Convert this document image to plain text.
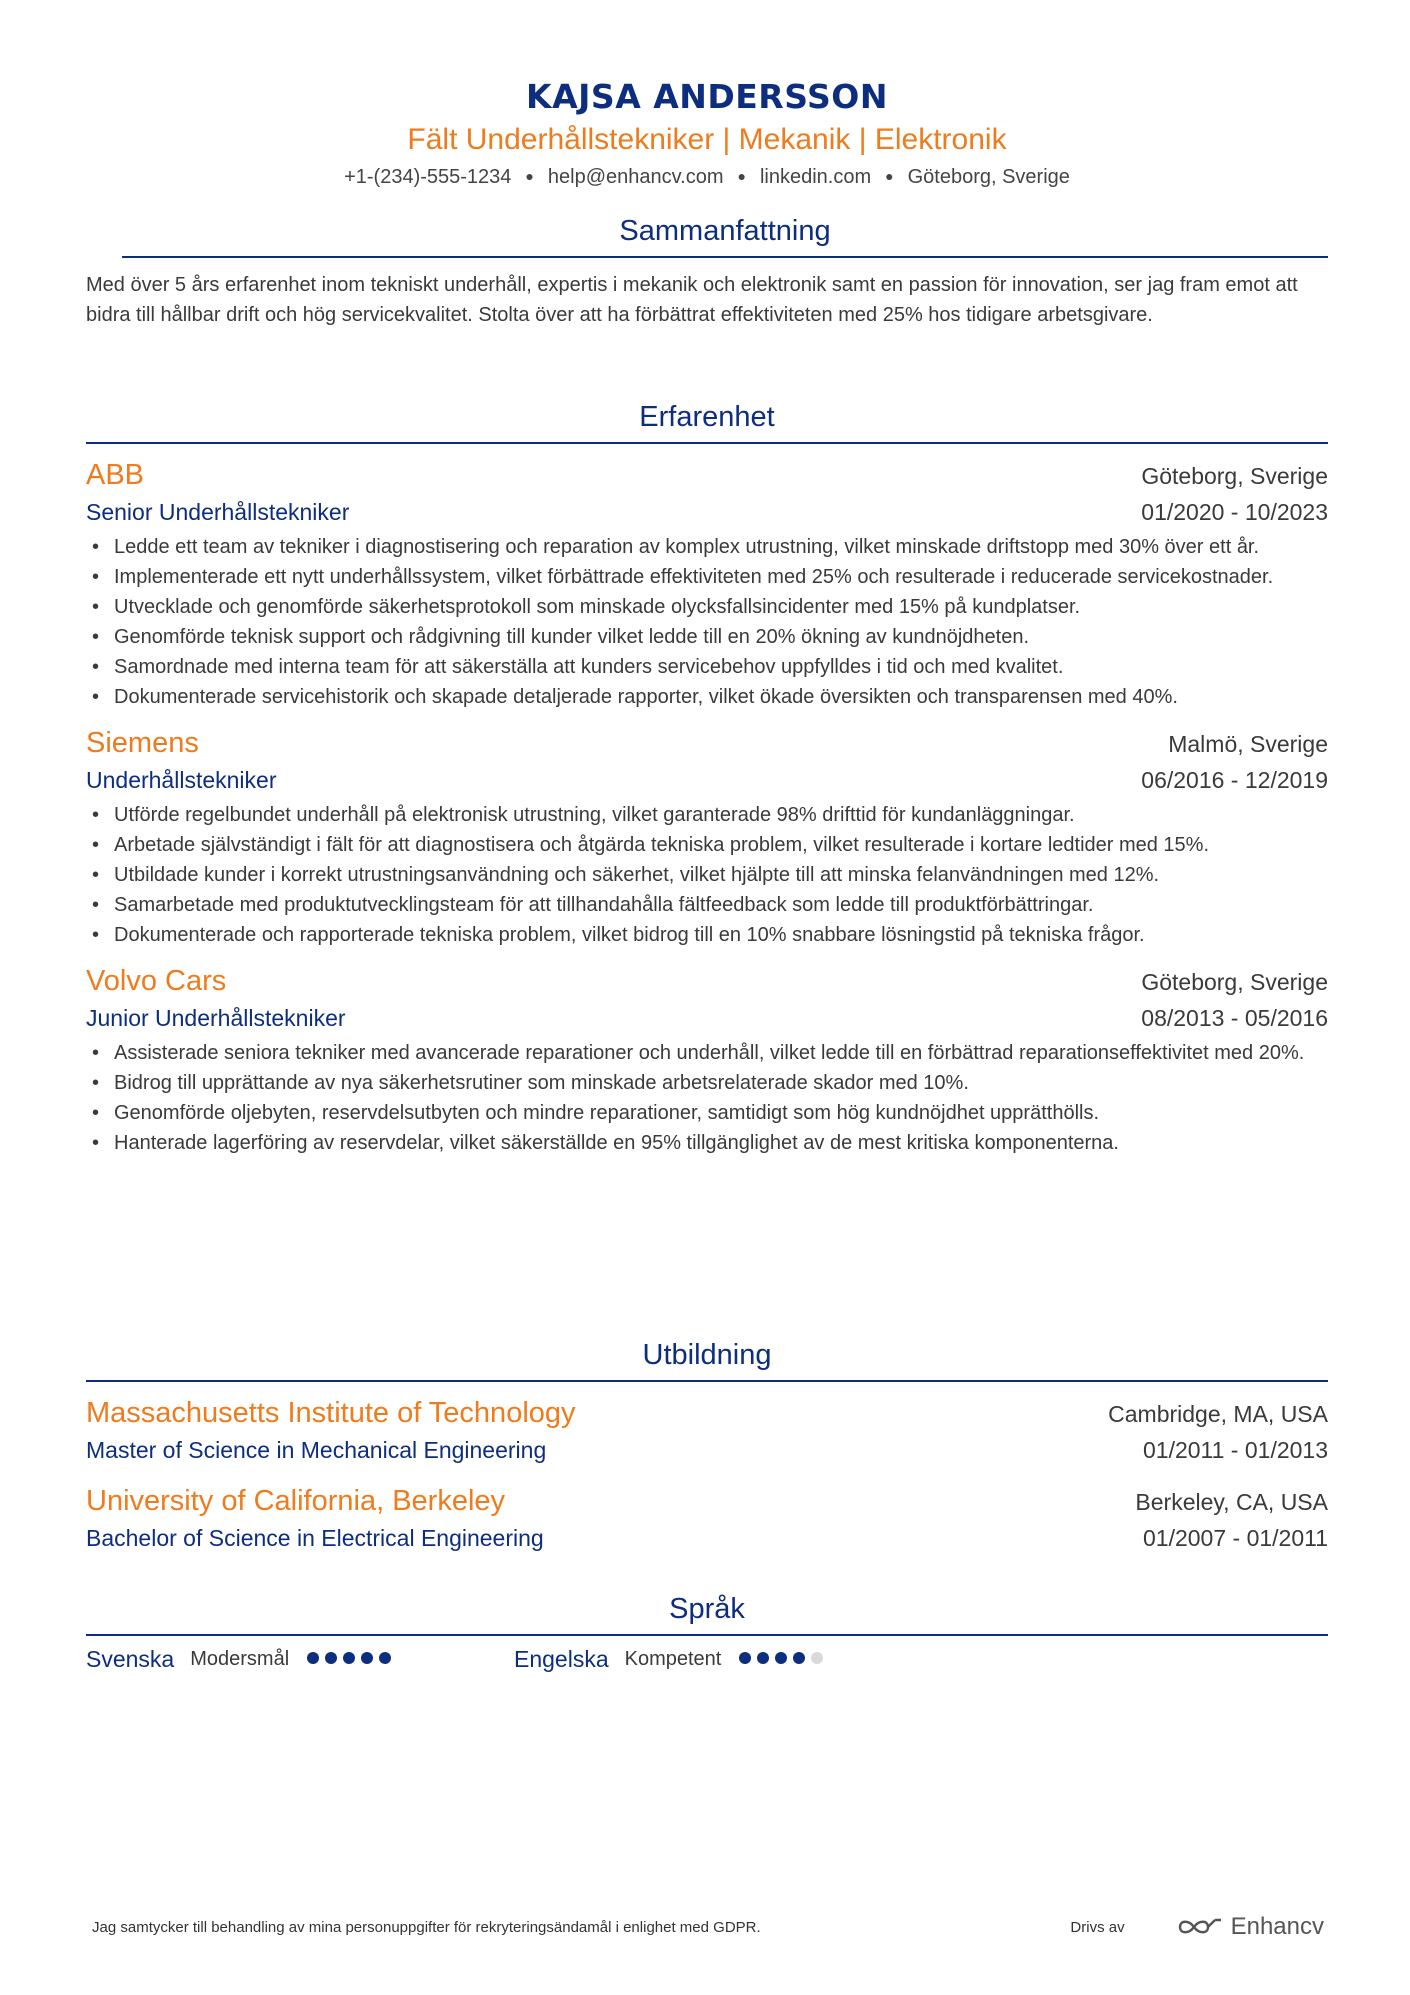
KAJSA ANDERSSON
Fält Underhållstekniker | Mekanik | Elektronik
+1-(234)-555-1234 ● help@enhancv.com ● linkedin.com ● Göteborg, Sverige
Sammanfattning
Med över 5 års erfarenhet inom tekniskt underhåll, expertis i mekanik och elektronik samt en passion för innovation, ser jag fram emot att bidra till hållbar drift och hög servicekvalitet. Stolta över att ha förbättrat effektiviteten med 25% hos tidigare arbetsgivare.
Erfarenhet
ABB	Göteborg, Sverige
Senior Underhållstekniker	01/2020 - 10/2023
• Ledde ett team av tekniker i diagnostisering och reparation av komplex utrustning, vilket minskade driftstopp med 30% över ett år.
• Implementerade ett nytt underhållssystem, vilket förbättrade effektiviteten med 25% och resulterade i reducerade servicekostnader.
• Utvecklade och genomförde säkerhetsprotokoll som minskade olycksfallsincidenter med 15% på kundplatser.
• Genomförde teknisk support och rådgivning till kunder vilket ledde till en 20% ökning av kundnöjdheten.
• Samordnade med interna team för att säkerställa att kunders servicebehov uppfylldes i tid och med kvalitet.
• Dokumenterade servicehistorik och skapade detaljerade rapporter, vilket ökade översikten och transparensen med 40%.
Siemens	Malmö, Sverige
Underhållstekniker	06/2016 - 12/2019
• Utförde regelbundet underhåll på elektronisk utrustning, vilket garanterade 98% drifttid för kundanläggningar.
• Arbetade självständigt i fält för att diagnostisera och åtgärda tekniska problem, vilket resulterade i kortare ledtider med 15%.
• Utbildade kunder i korrekt utrustningsanvändning och säkerhet, vilket hjälpte till att minska felanvändningen med 12%.
• Samarbetade med produktutvecklingsteam för att tillhandahålla fältfeedback som ledde till produktförbättringar.
• Dokumenterade och rapporterade tekniska problem, vilket bidrog till en 10% snabbare lösningstid på tekniska frågor.
Volvo Cars	Göteborg, Sverige
Junior Underhållstekniker	08/2013 - 05/2016
• Assisterade seniora tekniker med avancerade reparationer och underhåll, vilket ledde till en förbättrad reparationseffektivitet med 20%.
• Bidrog till upprättande av nya säkerhetsrutiner som minskade arbetsrelaterade skador med 10%.
• Genomförde oljebyten, reservdelsutbyten och mindre reparationer, samtidigt som hög kundnöjdhet upprätthölls.
• Hanterade lagerföring av reservdelar, vilket säkerställde en 95% tillgänglighet av de mest kritiska komponenterna.
Utbildning
Massachusetts Institute of Technology	Cambridge, MA, USA
Master of Science in Mechanical Engineering	01/2011 - 01/2013
University of California, Berkeley	Berkeley, CA, USA
Bachelor of Science in Electrical Engineering	01/2007 - 01/2011
Språk
Svenska Modersmål	Engelska Kompetent
Jag samtycker till behandling av mina personuppgifter för rekryteringsändamål i enlighet med GDPR.	Drivs av	Enhancv
